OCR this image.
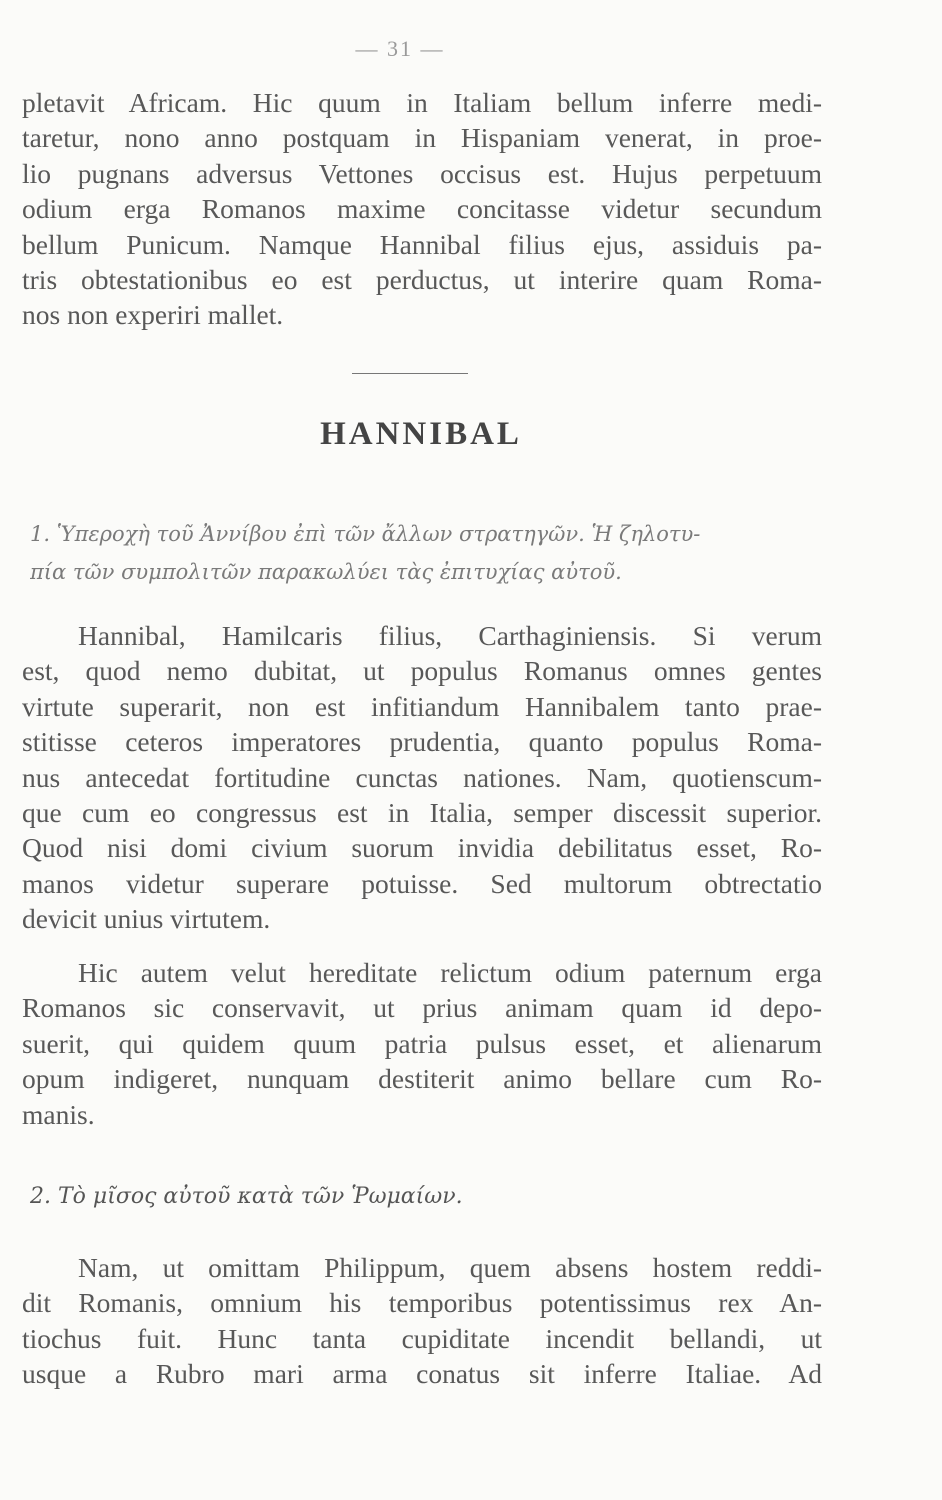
— 31 —
pletavit Africam. Hic quum in Italiam bellum inferre medi-
taretur, nono anno postquam in Hispaniam venerat, in proe-
lio pugnans adversus Vettones occisus est. Hujus perpetuum
odium erga Romanos maxime concitasse videtur secundum
bellum Punicum. Namque Hannibal filius ejus, assiduis pa-
tris obtestationibus eo est perductus, ut interire quam Roma-
nos non experiri mallet.
HANNIBAL
1. Ὑπεροχὴ τοῦ Ἀννίβου ἐπὶ τῶν ἄλλων στρατηγῶν. Ἡ ζηλοτυ-
πία τῶν συμπολιτῶν παρακωλύει τὰς ἐπιτυχίας αὐτοῦ.
Hannibal, Hamilcaris filius, Carthaginiensis. Si verum
est, quod nemo dubitat, ut populus Romanus omnes gentes
virtute superarit, non est infitiandum Hannibalem tanto prae-
stitisse ceteros imperatores prudentia, quanto populus Roma-
nus antecedat fortitudine cunctas nationes. Nam, quotienscum-
que cum eo congressus est in Italia, semper discessit superior.
Quod nisi domi civium suorum invidia debilitatus esset, Ro-
manos videtur superare potuisse. Sed multorum obtrectatio
devicit unius virtutem.
Hic autem velut hereditate relictum odium paternum erga
Romanos sic conservavit, ut prius animam quam id depo-
suerit, qui quidem quum patria pulsus esset, et alienarum
opum indigeret, nunquam destiterit animo bellare cum Ro-
manis.
2. Τὸ μῖσος αὐτοῦ κατὰ τῶν Ῥωμαίων.
Nam, ut omittam Philippum, quem absens hostem reddi-
dit Romanis, omnium his temporibus potentissimus rex An-
tiochus fuit. Hunc tanta cupiditate incendit bellandi, ut
usque a Rubro mari arma conatus sit inferre Italiae. Ad
